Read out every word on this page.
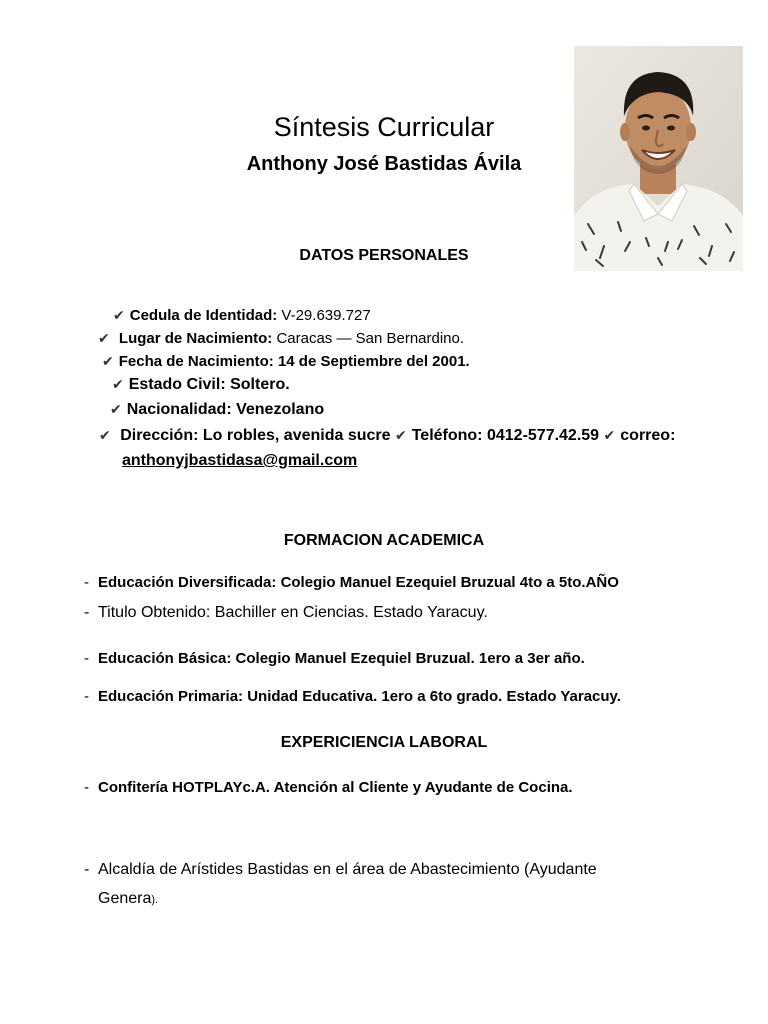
Síntesis Curricular
Anthony José Bastidas Ávila
DATOS PERSONALES
✔ Cedula de Identidad: V-29.639.727
✔ Lugar de Nacimiento: Caracas — San Bernardino.
✔ Fecha de Nacimiento: 14 de Septiembre del 2001.
✔ Estado Civil: Soltero.
✔ Nacionalidad: Venezolano
✔ Dirección: Lo robles, avenida sucre ✔ Teléfono: 0412-577.42.59 ✔ correo:
anthonyjbastidasa@gmail.com
FORMACION ACADEMICA
- Educación Diversificada: Colegio Manuel Ezequiel Bruzual 4to a 5to.AÑO
- Titulo Obtenido: Bachiller en Ciencias. Estado Yaracuy.
- Educación Básica: Colegio Manuel Ezequiel Bruzual. 1ero a 3er año.
- Educación Primaria: Unidad Educativa. 1ero a 6to grado. Estado Yaracuy.
EXPERICIENCIA LABORAL
- Confitería HOTPLAYc.A. Atención al Cliente y Ayudante de Cocina.
- Alcaldía de Arístides Bastidas en el área de Abastecimiento (Ayudante
Genera).
